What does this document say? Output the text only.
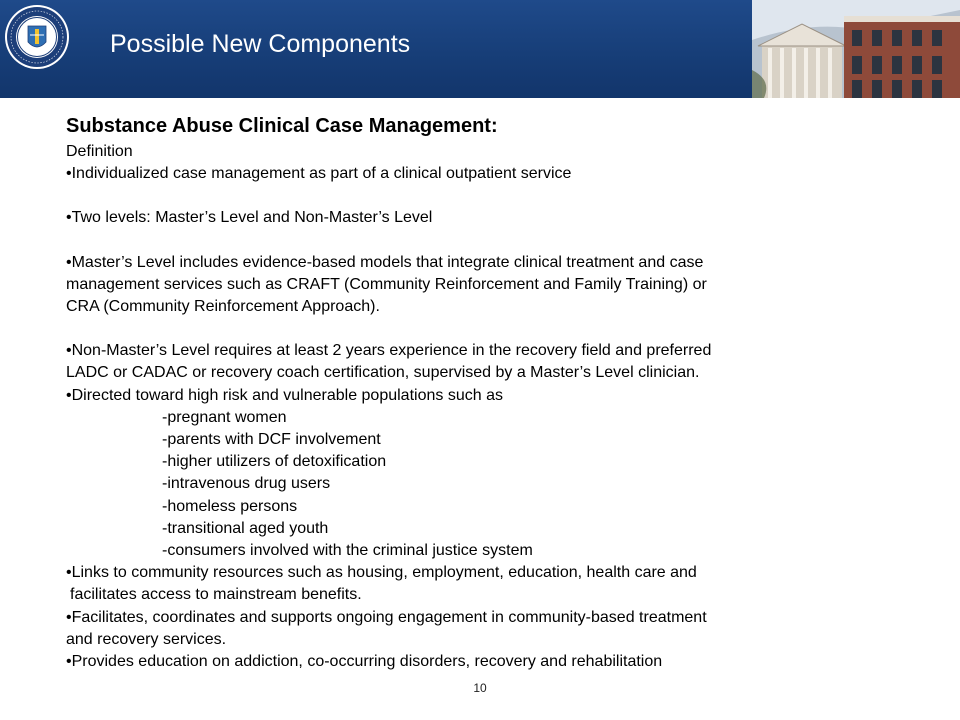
Possible New Components
Substance Abuse Clinical Case Management:
Definition
•Individualized case management as part of a clinical outpatient service
•Two levels: Master’s Level and Non-Master’s Level
•Master’s Level includes evidence-based models that integrate clinical treatment and case
management services such as CRAFT (Community Reinforcement and Family Training) or
CRA (Community Reinforcement Approach).
•Non-Master’s Level requires at least 2 years experience in the recovery field and preferred
LADC or CADAC or recovery coach certification, supervised by a Master’s Level clinician.
•Directed toward high risk and vulnerable populations such as
-pregnant women
-parents with DCF involvement
-higher utilizers of detoxification
-intravenous drug users
-homeless persons
-transitional aged youth
-consumers involved with the criminal justice system
•Links to community resources such as housing, employment, education, health care and
facilitates access to mainstream benefits.
•Facilitates, coordinates and supports ongoing engagement in community-based treatment
and recovery services.
•Provides education on addiction, co-occurring disorders, recovery and rehabilitation
10
